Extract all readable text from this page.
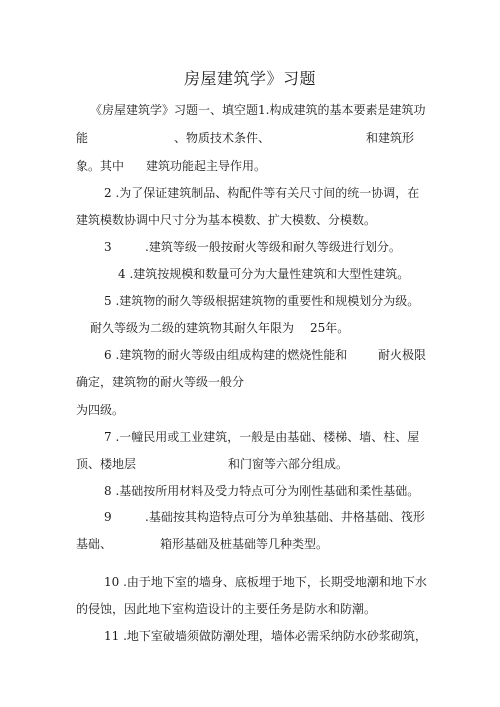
房屋建筑学》习题
《房屋建筑学》习题一、填空题1.构成建筑的基本要素是建筑功
能	、物质技术条件、	和建筑形
象。其中 建筑功能起主导作用。
2 .为了保证建筑制品、构配件等有关尺寸间的统一协调，在
建筑模数协调中尺寸分为基本模数、扩大模数、分模数。
3	.建筑等级一般按耐火等级和耐久等级进行划分。
4 .建筑按规模和数量可分为大量性建筑和大型性建筑。
5 .建筑物的耐久等级根据建筑物的重要性和规模划分为级。
耐久等级为二级的建筑物其耐久年限为 25年。
6 .建筑物的耐火等级由组成构建的燃烧性能和	耐火极限
确定，建筑物的耐火等级一般分
为四级。
7 .一幢民用或工业建筑，一般是由基础、楼梯、墙、柱、屋
顶、楼地层	和门窗等六部分组成。
8 .基础按所用材料及受力特点可分为刚性基础和柔性基础。
9	.基础按其构造特点可分为单独基础、井格基础、筏形
基础、	箱形基础及桩基础等几种类型。
10 .由于地下室的墙身、底板埋于地下，长期受地潮和地下水
的侵蚀，因此地下室构造设计的主要任务是防水和防潮。
11 .地下室破墙须做防潮处理，墙体必需采纳防水砂浆砌筑，
